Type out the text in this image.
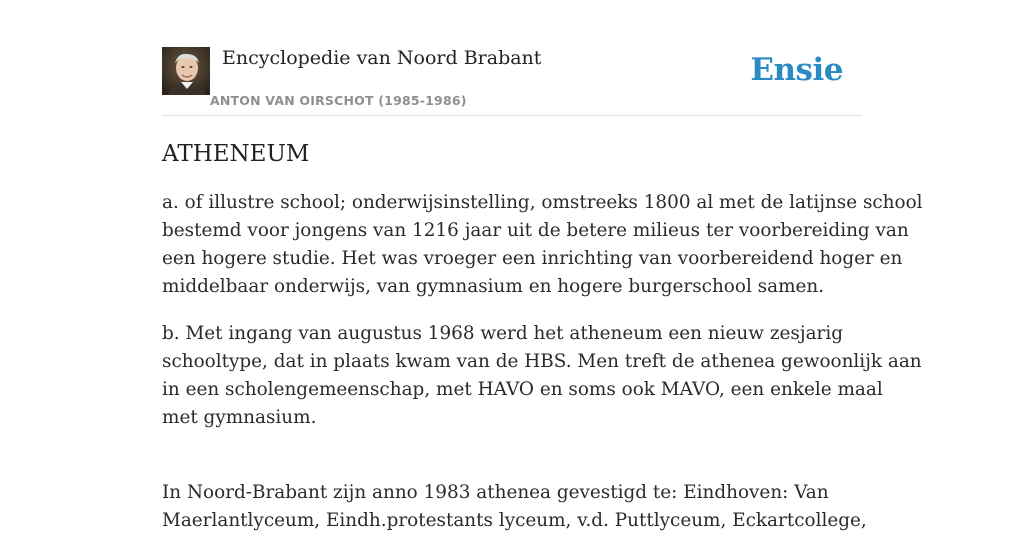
Encyclopedie van Noord Brabant
ANTON VAN OIRSCHOT (1985-1986)
Ensie
ATHENEUM

a. of illustre school; onderwijsinstelling, omstreeks 1800 al met de latijnse school
bestemd voor jongens van 1216 jaar uit de betere milieus ter voorbereiding van
een hogere studie. Het was vroeger een inrichting van voorbereidend hoger en
middelbaar onderwijs, van gymnasium en hogere burgerschool samen.

b. Met ingang van augustus 1968 werd het atheneum een nieuw zesjarig
schooltype, dat in plaats kwam van de HBS. Men treft de athenea gewoonlijk aan
in een scholengemeenschap, met HAVO en soms ook MAVO, een enkele maal
met gymnasium.

In Noord-Brabant zijn anno 1983 athenea gevestigd te: Eindhoven: Van
Maerlantlyceum, Eindh.protestants lyceum, v.d. Puttlyceum, Eckartcollege,
